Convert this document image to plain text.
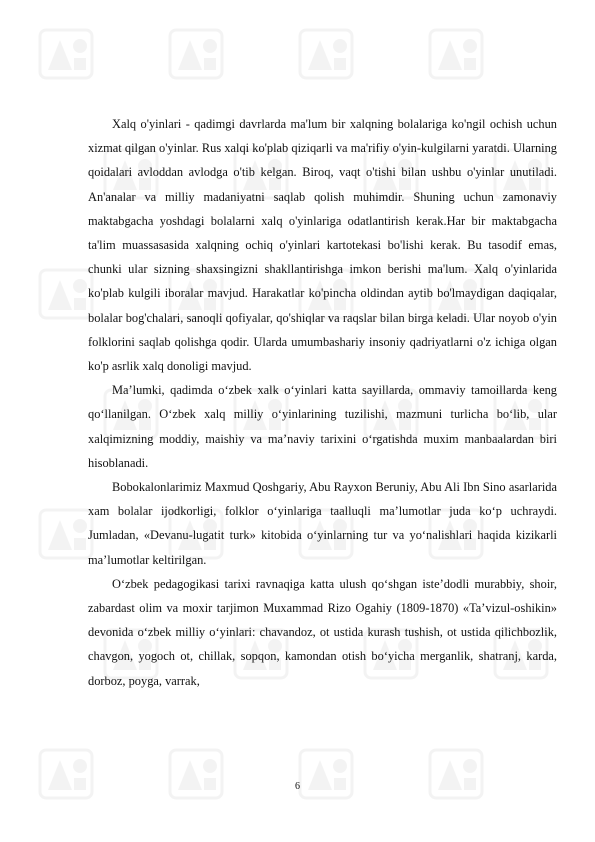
Xalq o'yinlari - qadimgi davrlarda ma'lum bir xalqning bolalariga ko'ngil ochish uchun xizmat qilgan o'yinlar. Rus xalqi ko'plab qiziqarli va ma'rifiy o'yin-kulgilarni yaratdi. Ularning qoidalari avloddan avlodga o'tib kelgan. Biroq, vaqt o'tishi bilan ushbu o'yinlar unutiladi. An'analar va milliy madaniyatni saqlab qolish muhimdir. Shuning uchun zamonaviy maktabgacha yoshdagi bolalarni xalq o'yinlariga odatlantirish kerak.Har bir maktabgacha ta'lim muassasasida xalqning ochiq o'yinlari kartotekasi bo'lishi kerak. Bu tasodif emas, chunki ular sizning shaxsingizni shakllantirishga imkon berishi ma'lum. Xalq o'yinlarida ko'plab kulgili iboralar mavjud. Harakatlar ko'pincha oldindan aytib bo'lmaydigan daqiqalar, bolalar bog'chalari, sanoqli qofiyalar, qo'shiqlar va raqslar bilan birga keladi. Ular noyob o'yin folklorini saqlab qolishga qodir. Ularda umumbashariy insoniy qadriyatlarni o'z ichiga olgan ko'p asrlik xalq donoligi mavjud.

Ma’lumki, qadimda o‘zbek xalk o‘yinlari katta sayillarda, ommaviy tamoillarda keng qo‘llanilgan. O‘zbek xalq milliy o‘yinlarining tuzilishi, mazmuni turlicha bo‘lib, ular xalqimizning moddiy, maishiy va ma’naviy tarixini o‘rgatishda muxim manbaalardan biri hisoblanadi.

Bobokalonlarimiz Maxmud Qoshgariy, Abu Rayxon Beruniy, Abu Ali Ibn Sino asarlarida xam bolalar ijodkorligi, folklor o‘yinlariga taalluqli ma’lumotlar juda ko‘p uchraydi. Jumladan, «Devanu-lugatit turk» kitobida o‘yinlarning tur va yo‘nalishlari haqida kizikarli ma’lumotlar keltirilgan.

O‘zbek pedagogikasi tarixi ravnaqiga katta ulush qo‘shgan iste’dodli murabbiy, shoir, zabardast olim va moxir tarjimon Muxammad Rizo Ogahiy (1809-1870) «Ta’vizul-oshikin» devonida o‘zbek milliy o‘yinlari: chavandoz, ot ustida kurash tushish, ot ustida qilichbozlik, chavgon, yogoch ot, chillak, sopqon, kamondan otish bo‘yicha merganlik, shatranj, karda, dorboz, poyga, varrak,

6
